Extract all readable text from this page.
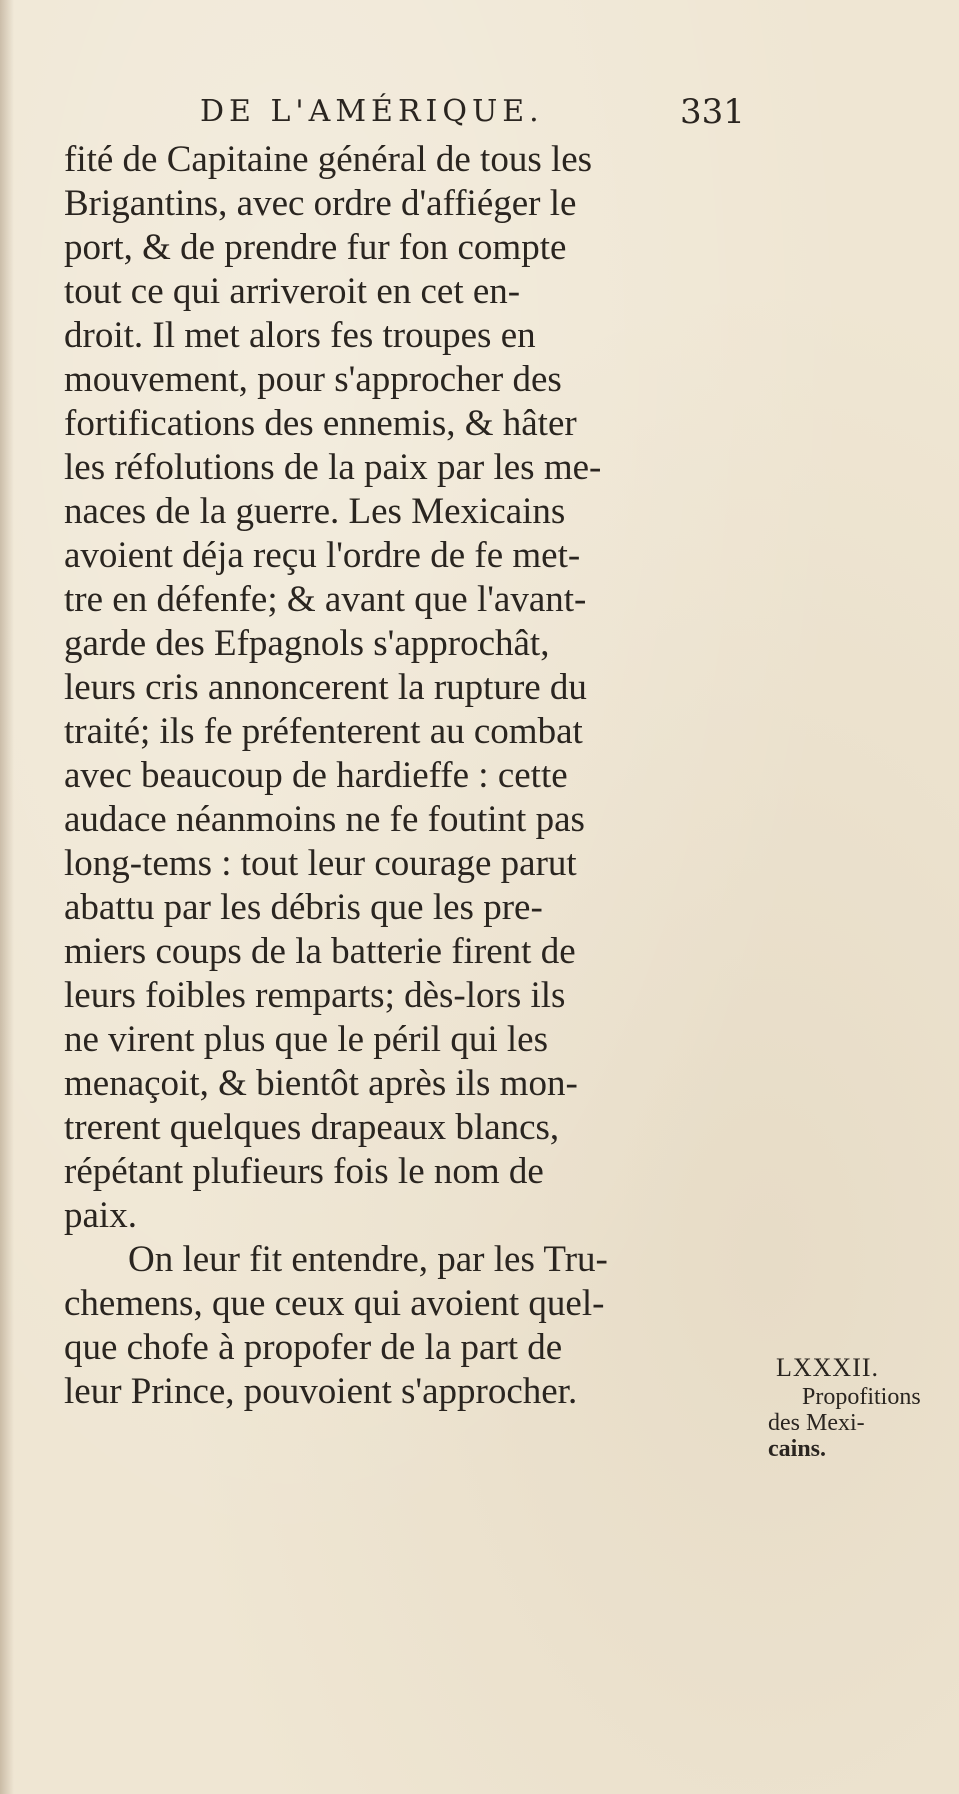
DE L'AMÉRIQUE.	331
fité de Capitaine général de tous les
Brigantins, avec ordre d'affiéger le
port, & de prendre fur fon compte
tout ce qui arriveroit en cet en-
droit. Il met alors fes troupes en
mouvement, pour s'approcher des
fortifications des ennemis, & hâter
les réfolutions de la paix par les me-
naces de la guerre. Les Mexicains
avoient déja reçu l'ordre de fe met-
tre en défenfe; & avant que l'avant-
garde des Efpagnols s'approchât,
leurs cris annoncerent la rupture du
traité; ils fe préfenterent au combat
avec beaucoup de hardieffe : cette
audace néanmoins ne fe foutint pas
long-tems : tout leur courage parut
abattu par les débris que les pre-
miers coups de la batterie firent de
leurs foibles remparts; dès-lors ils
ne virent plus que le péril qui les
menaçoit, & bientôt après ils mon-
trerent quelques drapeaux blancs,
répétant plufieurs fois le nom de
paix.
On leur fit entendre, par les Tru-
chemens, que ceux qui avoient quel-
que chofe à propofer de la part de
leur Prince, pouvoient s'approcher.
LXXXII.
Propofitions
des Mexi-
cains.
